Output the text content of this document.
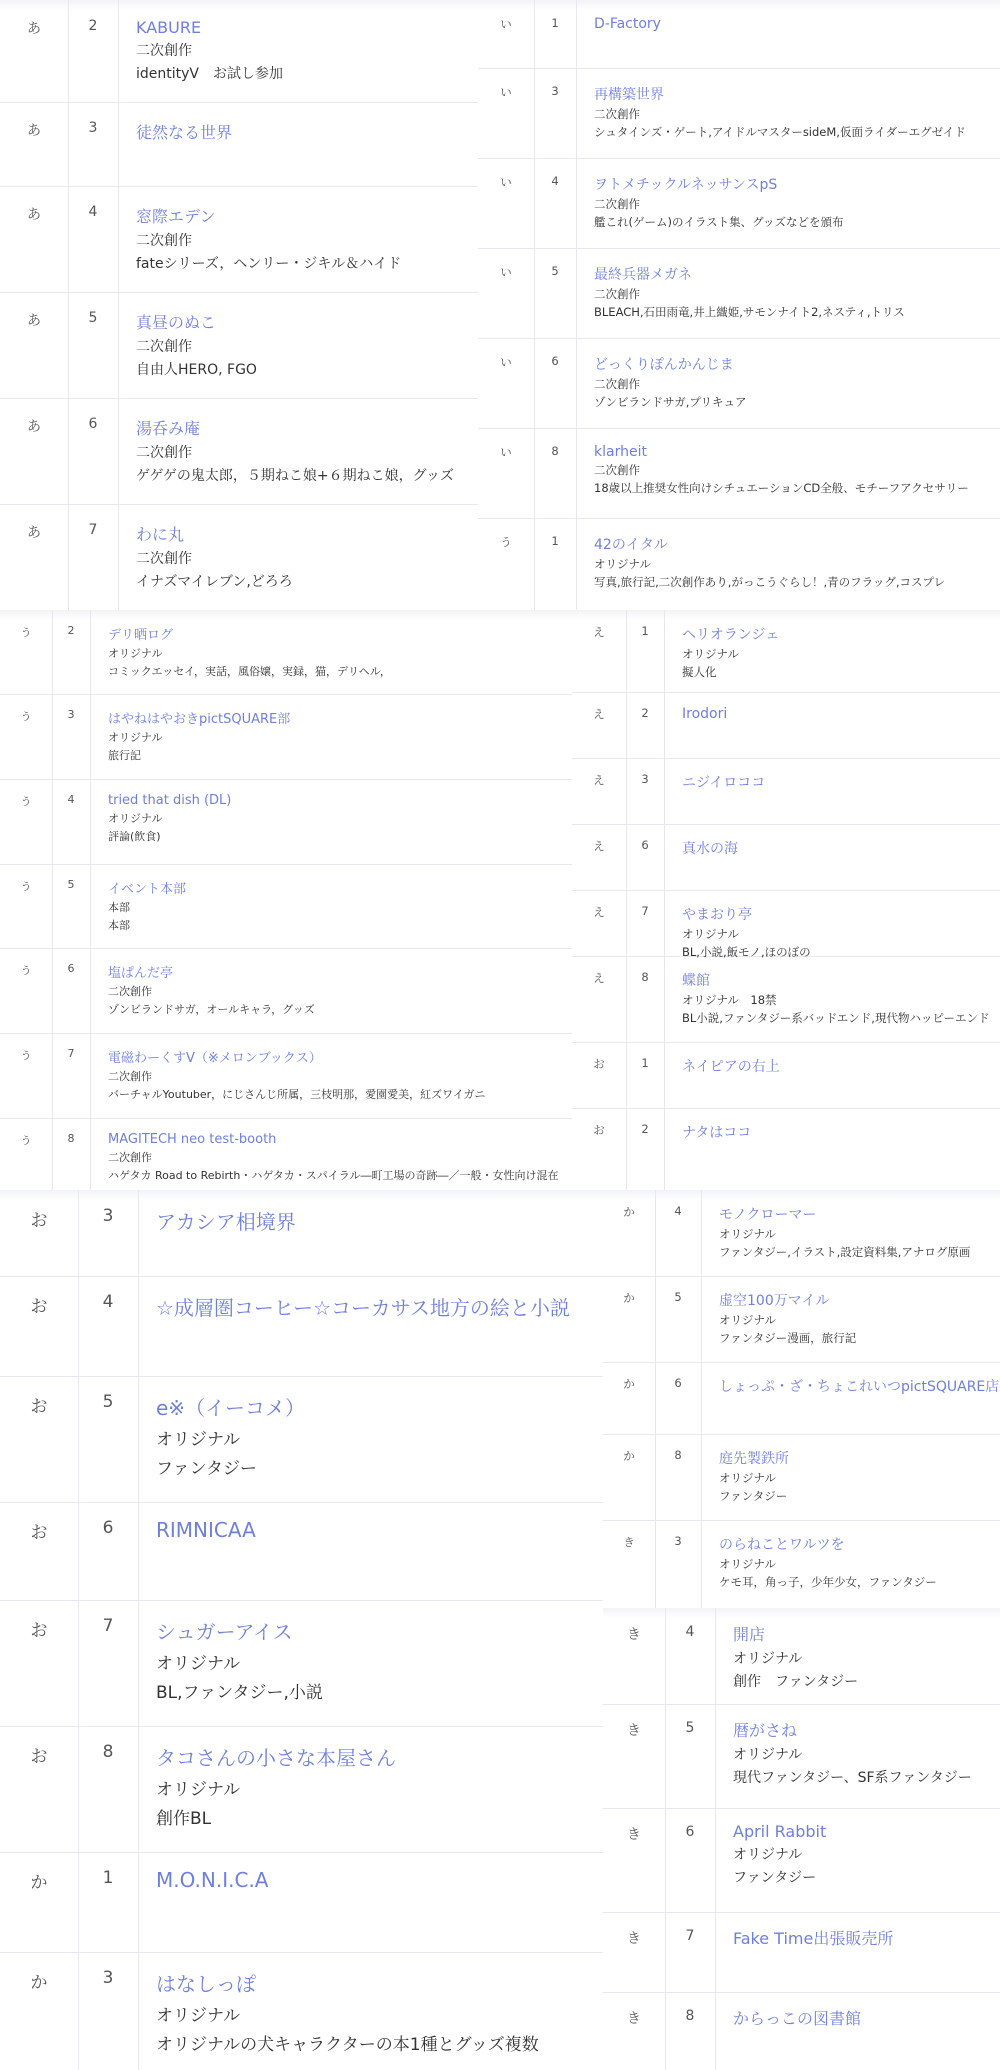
あ	2	KABURE
二次創作
identityⅤ　お試し参加
あ	3	徒然なる世界
あ	4	窓際エデン
二次創作
fateシリーズ，ヘンリー・ジキル＆ハイド
あ	5	真昼のぬこ
二次創作
自由人HERO, FGO
あ	6	湯呑み庵
二次創作
ゲゲゲの鬼太郎，５期ねこ娘+６期ねこ娘，グッズ
あ	7	わに丸
二次創作
イナズマイレブン,どろろ
い	1	D-Factory
い	3	再構築世界
二次創作
シュタインズ・ゲート,アイドルマスターsideM,仮面ライダーエグゼイド
い	4	ヲトメチックルネッサンスpS
二次創作
艦これ(ゲーム)のイラスト集、グッズなどを頒布
い	5	最終兵器メガネ
二次創作
BLEACH,石田雨竜,井上織姫,サモンナイト2,ネスティ,トリス
い	6	どっくりぽんかんじま
二次創作
ゾンビランドサガ,プリキュア
い	8	klarheit
二次創作
18歳以上推奨女性向けシチュエーションCD全般、モチーフアクセサリー
う	1	42のイタル
オリジナル
写真,旅行記,二次創作あり,がっこうぐらし！,青のフラッグ,コスプレ
う	2	デリ晒ログ
オリジナル
コミックエッセイ，実話，風俗嬢，実録，猫，デリヘル，
う	3	はやねはやおきpictSQUARE部
オリジナル
旅行記
う	4	tried that dish (DL)
オリジナル
評論(飲食)
う	5	イベント本部
本部
本部
う	6	塩ぱんだ亭
二次創作
ゾンビランドサガ，オールキャラ，グッズ
う	7	電磁わーくすV（※メロンブックス）
二次創作
バーチャルYoutuber，にじさんじ所属，三枝明那，愛園愛美，紅ズワイガニ
う	8	MAGITECH neo test-booth
二次創作
ハゲタカ Road to Rebirth・ハゲタカ・スパイラル―町工場の奇跡―／一般・女性向け混在
え	1	ヘリオランジェ
オリジナル
擬人化
え	2	Irodori
え	3	ニジイロココ
え	6	真水の海
え	7	やまおり亭
オリジナル
BL,小説,飯モノ,ほのぼの
え	8	蝶館
オリジナル　18禁
BL小説,ファンタジー系バッドエンド,現代物ハッピーエンド
お	1	ネイピアの右上
お	2	ナタはココ
お	3	アカシア相境界
お	4	☆成層圏コーヒー☆コーカサス地方の絵と小説
お	5	e※（イーコメ）
オリジナル
ファンタジー
お	6	RIMNICAA
お	7	シュガーアイス
オリジナル
BL,ファンタジー,小説
お	8	タコさんの小さな本屋さん
オリジナル
創作BL
か	1	M.O.N.I.C.A
か	3	はなしっぽ
オリジナル
オリジナルの犬キャラクターの本1種とグッズ複数
か	4	モノクローマー
オリジナル
ファンタジー,イラスト,設定資料集,アナログ原画
か	5	虚空100万マイル
オリジナル
ファンタジー漫画，旅行記
か	6	しょっぷ・ざ・ちょこれいつpictSQUARE店
か	8	庭先製鉄所
オリジナル
ファンタジー
き	3	のらねことワルツを
オリジナル
ケモ耳，角っ子，少年少女，ファンタジー
き	4	開店
オリジナル
創作　ファンタジー
き	5	暦がさね
オリジナル
現代ファンタジー、SF系ファンタジー
き	6	April Rabbit
オリジナル
ファンタジー
き	7	Fake Time出張販売所
き	8	からっこの図書館
